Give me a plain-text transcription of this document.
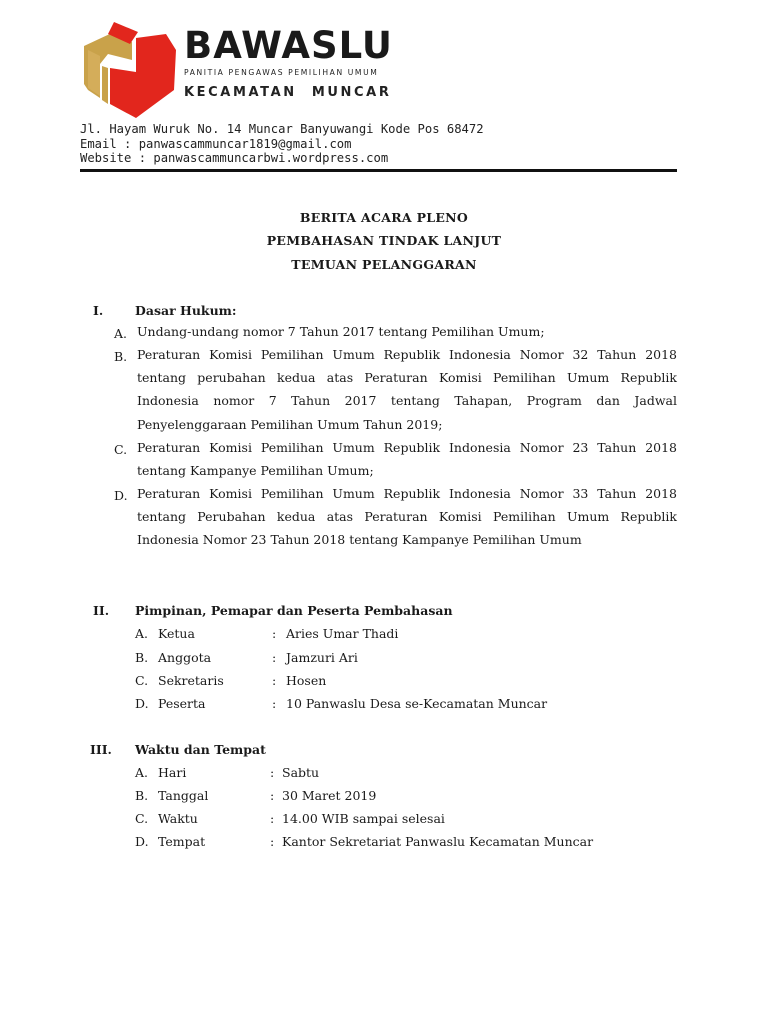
BAWASLU
PANITIA PENGAWAS PEMILIHAN UMUM
KECAMATAN MUNCAR
Jl. Hayam Wuruk No. 14 Muncar Banyuwangi Kode Pos 68472
Email : panwascammuncar1819@gmail.com
Website : panwascammuncarbwi.wordpress.com
BERITA ACARA PLENO
PEMBAHASAN TINDAK LANJUT
TEMUAN PELANGGARAN
I.	Dasar Hukum:
A. Undang-undang nomor 7 Tahun 2017 tentang Pemilihan Umum;
B. Peraturan Komisi Pemilihan Umum Republik Indonesia Nomor 32 Tahun 2018 tentang perubahan kedua atas Peraturan Komisi Pemilihan Umum Republik Indonesia nomor 7 Tahun 2017 tentang Tahapan, Program dan Jadwal Penyelenggaraan Pemilihan Umum Tahun 2019;
C. Peraturan Komisi Pemilihan Umum Republik Indonesia Nomor 23 Tahun 2018 tentang Kampanye Pemilihan Umum;
D. Peraturan Komisi Pemilihan Umum Republik Indonesia Nomor 33 Tahun 2018 tentang Perubahan kedua atas Peraturan Komisi Pemilihan Umum Republik Indonesia Nomor 23 Tahun 2018 tentang Kampanye Pemilihan Umum
II. Pimpinan, Pemapar dan Peserta Pembahasan
A. Ketua	: Aries Umar Thadi
B. Anggota	: Jamzuri Ari
C. Sekretaris	: Hosen
D. Peserta	: 10 Panwaslu Desa se-Kecamatan Muncar
III. Waktu dan Tempat
A. Hari	: Sabtu
B. Tanggal	: 30 Maret 2019
C. Waktu	: 14.00 WIB sampai selesai
D. Tempat	: Kantor Sekretariat Panwaslu Kecamatan Muncar
